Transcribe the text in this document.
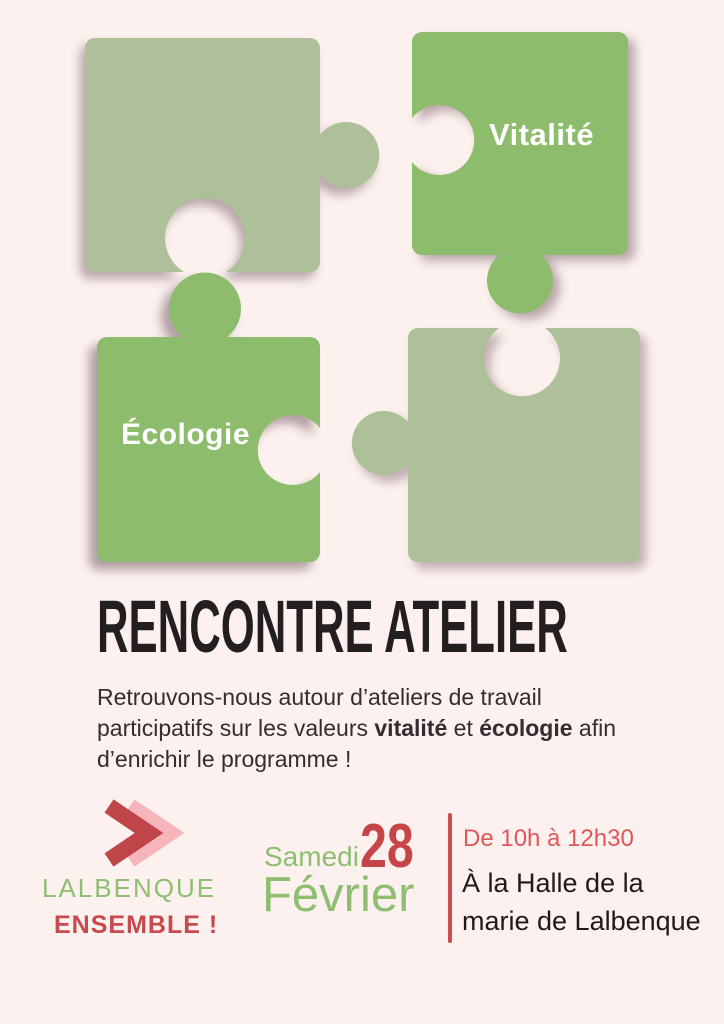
Vitalité
Écologie
RENCONTRE ATELIER

Retrouvons-nous autour d’ateliers de travail
participatifs sur les valeurs vitalité et écologie afin
d’enrichir le programme !

LALBENQUE
ENSEMBLE !
Samedi 28
Février
De 10h à 12h30
À la Halle de la
marie de Lalbenque
